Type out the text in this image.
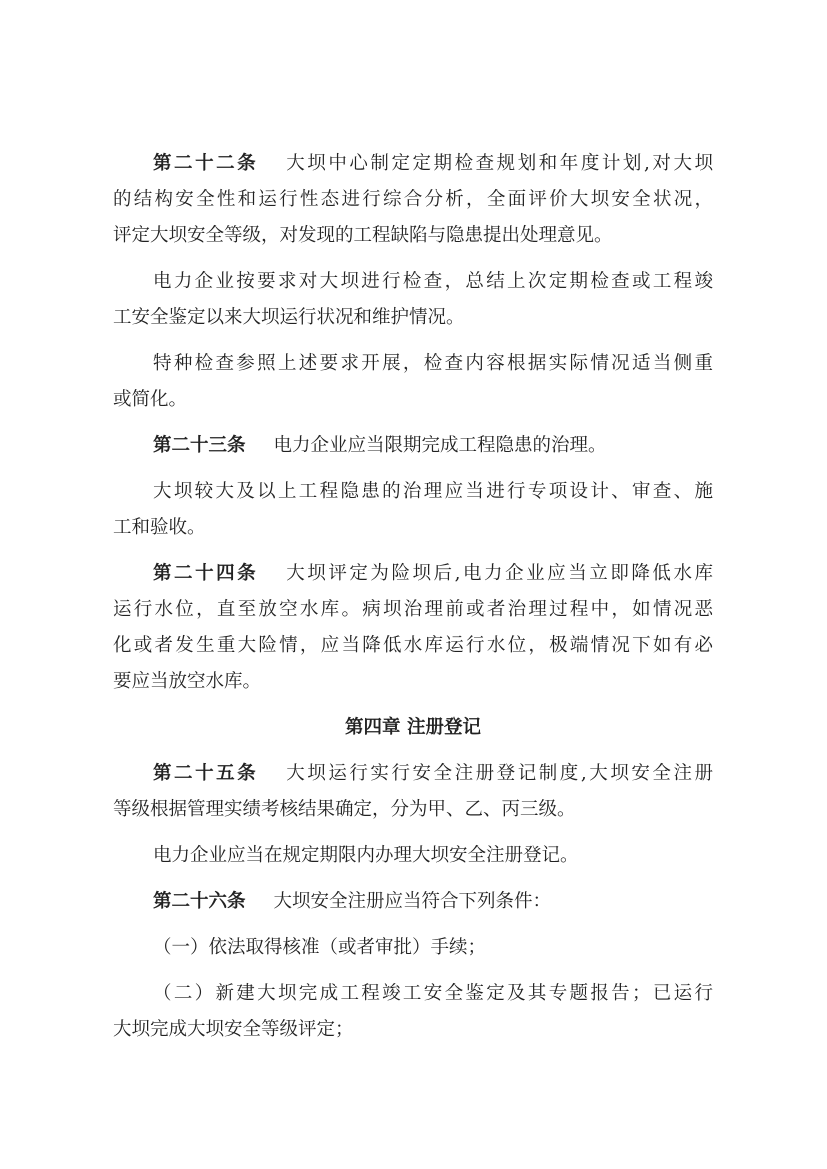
第二十二条 大坝中心制定定期检查规划和年度计划,对大坝
的结构安全性和运行性态进行综合分析，全面评价大坝安全状况，
评定大坝安全等级，对发现的工程缺陷与隐患提出处理意见。
电力企业按要求对大坝进行检查，总结上次定期检查或工程竣
工安全鉴定以来大坝运行状况和维护情况。
特种检查参照上述要求开展，检查内容根据实际情况适当侧重
或简化。
第二十三条 电力企业应当限期完成工程隐患的治理。
大坝较大及以上工程隐患的治理应当进行专项设计、审查、施
工和验收。
第二十四条 大坝评定为险坝后,电力企业应当立即降低水库
运行水位，直至放空水库。病坝治理前或者治理过程中，如情况恶
化或者发生重大险情，应当降低水库运行水位，极端情况下如有必
要应当放空水库。
第四章 注册登记
第二十五条 大坝运行实行安全注册登记制度,大坝安全注册
等级根据管理实绩考核结果确定，分为甲、乙、丙三级。
电力企业应当在规定期限内办理大坝安全注册登记。
第二十六条 大坝安全注册应当符合下列条件：
（一）依法取得核准（或者审批）手续；
（二）新建大坝完成工程竣工安全鉴定及其专题报告；已运行
大坝完成大坝安全等级评定；
